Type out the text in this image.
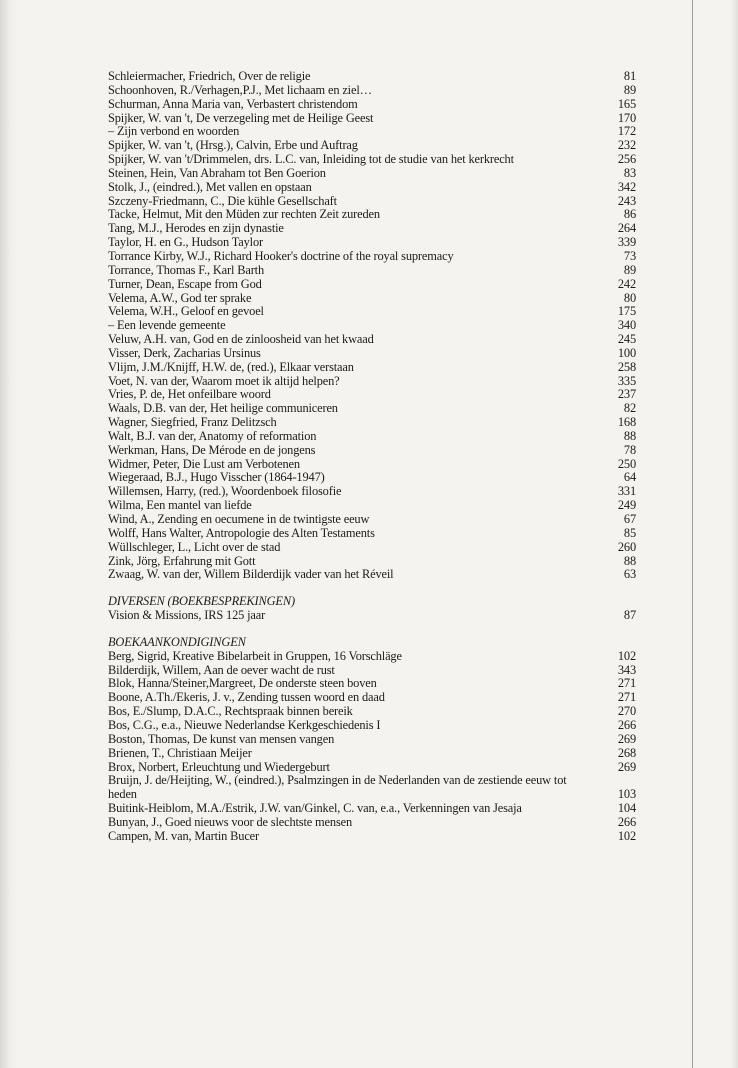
Schleiermacher, Friedrich, Over de religie	81
Schoonhoven, R./Verhagen,P.J., Met lichaam en ziel…	89
Schurman, Anna Maria van, Verbastert christendom	165
Spijker, W. van 't, De verzegeling met de Heilige Geest	170
– Zijn verbond en woorden	172
Spijker, W. van 't, (Hrsg.), Calvin, Erbe und Auftrag	232
Spijker, W. van 't/Drimmelen, drs. L.C. van, Inleiding tot de studie van het kerkrecht	256
Steinen, Hein, Van Abraham tot Ben Goerion	83
Stolk, J., (eindred.), Met vallen en opstaan	342
Szczeny-Friedmann, C., Die kühle Gesellschaft	243
Tacke, Helmut, Mit den Müden zur rechten Zeit zureden	86
Tang, M.J., Herodes en zijn dynastie	264
Taylor, H. en G., Hudson Taylor	339
Torrance Kirby, W.J., Richard Hooker's doctrine of the royal supremacy	73
Torrance, Thomas F., Karl Barth	89
Turner, Dean, Escape from God	242
Velema, A.W., God ter sprake	80
Velema, W.H., Geloof en gevoel	175
– Een levende gemeente	340
Veluw, A.H. van, God en de zinloosheid van het kwaad	245
Visser, Derk, Zacharias Ursinus	100
Vlijm, J.M./Knijff, H.W. de, (red.), Elkaar verstaan	258
Voet, N. van der, Waarom moet ik altijd helpen?	335
Vries, P. de, Het onfeilbare woord	237
Waals, D.B. van der, Het heilige communiceren	82
Wagner, Siegfried, Franz Delitzsch	168
Walt, B.J. van der, Anatomy of reformation	88
Werkman, Hans, De Mérode en de jongens	78
Widmer, Peter, Die Lust am Verbotenen	250
Wiegeraad, B.J., Hugo Visscher (1864-1947)	64
Willemsen, Harry, (red.), Woordenboek filosofie	331
Wilma, Een mantel van liefde	249
Wind, A., Zending en oecumene in de twintigste eeuw	67
Wolff, Hans Walter, Antropologie des Alten Testaments	85
Wüllschleger, L., Licht over de stad	260
Zink, Jörg, Erfahrung mit Gott	88
Zwaag, W. van der, Willem Bilderdijk vader van het Réveil	63
DIVERSEN (BOEKBESPREKINGEN)
Vision & Missions, IRS 125 jaar	87
BOEKAANKONDIGINGEN
Berg, Sigrid, Kreative Bibelarbeit in Gruppen, 16 Vorschläge	102
Bilderdijk, Willem, Aan de oever wacht de rust	343
Blok, Hanna/Steiner,Margreet, De onderste steen boven	271
Boone, A.Th./Ekeris, J. v., Zending tussen woord en daad	271
Bos, E./Slump, D.A.C., Rechtspraak binnen bereik	270
Bos, C.G., e.a., Nieuwe Nederlandse Kerkgeschiedenis I	266
Boston, Thomas, De kunst van mensen vangen	269
Brienen, T., Christiaan Meijer	268
Brox, Norbert, Erleuchtung und Wiedergeburt	269
Bruijn, J. de/Heijting, W., (eindred.), Psalmzingen in de Nederlanden van de zestiende eeuw tot heden	103
Buitink-Heiblom, M.A./Estrik, J.W. van/Ginkel, C. van, e.a., Verkenningen van Jesaja	104
Bunyan, J., Goed nieuws voor de slechtste mensen	266
Campen, M. van, Martin Bucer	102
